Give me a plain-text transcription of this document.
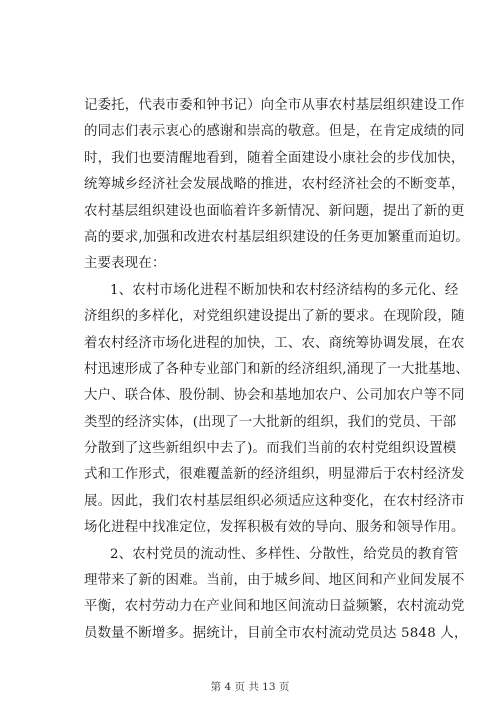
记委托，代表市委和钟书记）向全市从事农村基层组织建设工作
的同志们表示衷心的感谢和崇高的敬意。但是，在肯定成绩的同
时，我们也要清醒地看到，随着全面建设小康社会的步伐加快，
统筹城乡经济社会发展战略的推进，农村经济社会的不断变革，
农村基层组织建设也面临着许多新情况、新问题，提出了新的更
高的要求,加强和改进农村基层组织建设的任务更加繁重而迫切。
主要表现在：
1、农村市场化进程不断加快和农村经济结构的多元化、经
济组织的多样化，对党组织建设提出了新的要求。在现阶段，随
着农村经济市场化进程的加快，工、农、商统筹协调发展，在农
村迅速形成了各种专业部门和新的经济组织,涌现了一大批基地、
大户、联合体、股份制、协会和基地加农户、公司加农户等不同
类型的经济实体，(出现了一大批新的组织，我们的党员、干部
分散到了这些新组织中去了)。而我们当前的农村党组织设置模
式和工作形式，很难覆盖新的经济组织，明显滞后于农村经济发
展。因此，我们农村基层组织必须适应这种变化，在农村经济市
场化进程中找准定位，发挥积极有效的导向、服务和领导作用。
2、农村党员的流动性、多样性、分散性，给党员的教育管
理带来了新的困难。当前，由于城乡间、地区间和产业间发展不
平衡，农村劳动力在产业间和地区间流动日益频繁，农村流动党
员数量不断增多。据统计，目前全市农村流动党员达 5848 人，
第 4 页 共 13 页
